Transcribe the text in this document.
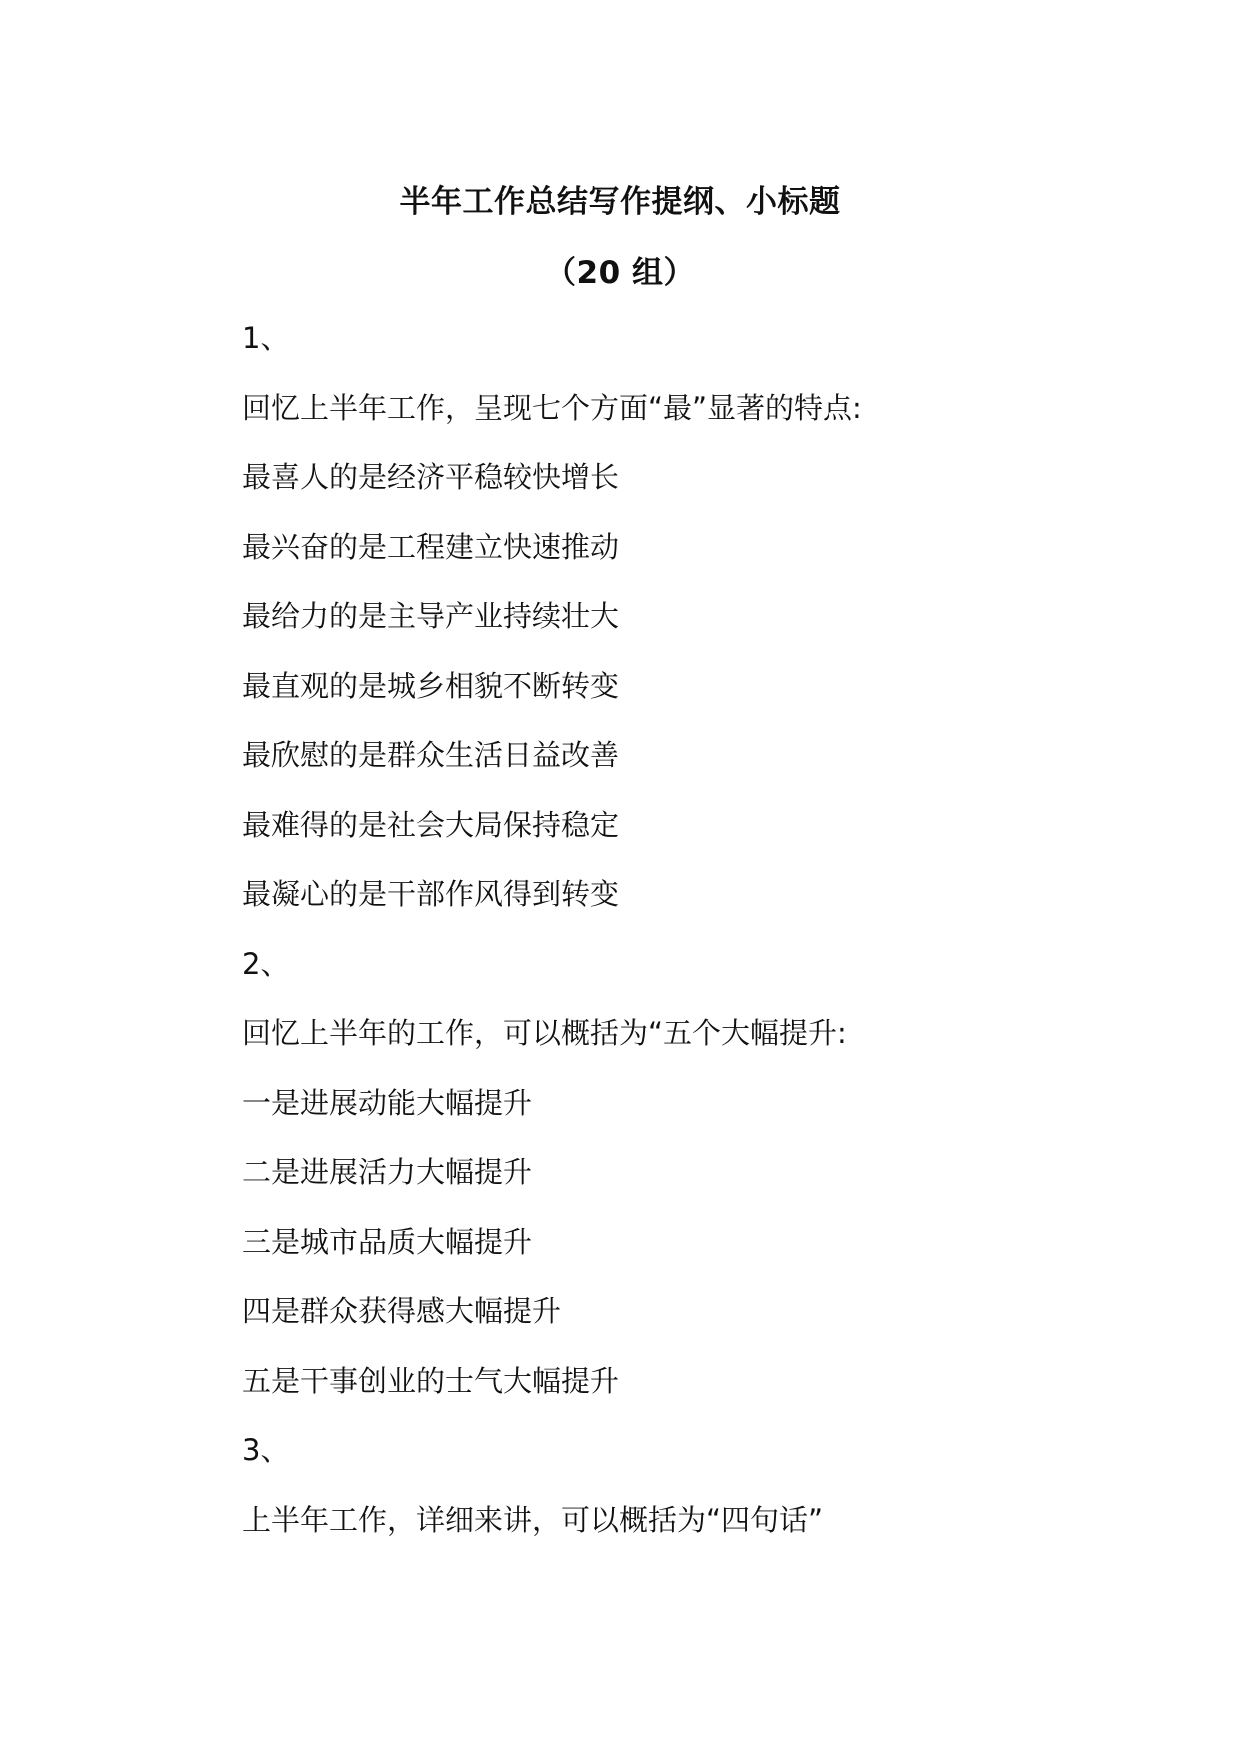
半年工作总结写作提纲、小标题
（20 组）
1、
回忆上半年工作，呈现七个方面“最”显著的特点:
最喜人的是经济平稳较快增长
最兴奋的是工程建立快速推动
最给力的是主导产业持续壮大
最直观的是城乡相貌不断转变
最欣慰的是群众生活日益改善
最难得的是社会大局保持稳定
最凝心的是干部作风得到转变
2、
回忆上半年的工作，可以概括为“五个大幅提升:
一是进展动能大幅提升
二是进展活力大幅提升
三是城市品质大幅提升
四是群众获得感大幅提升
五是干事创业的士气大幅提升
3、
上半年工作，详细来讲，可以概括为“四句话”
